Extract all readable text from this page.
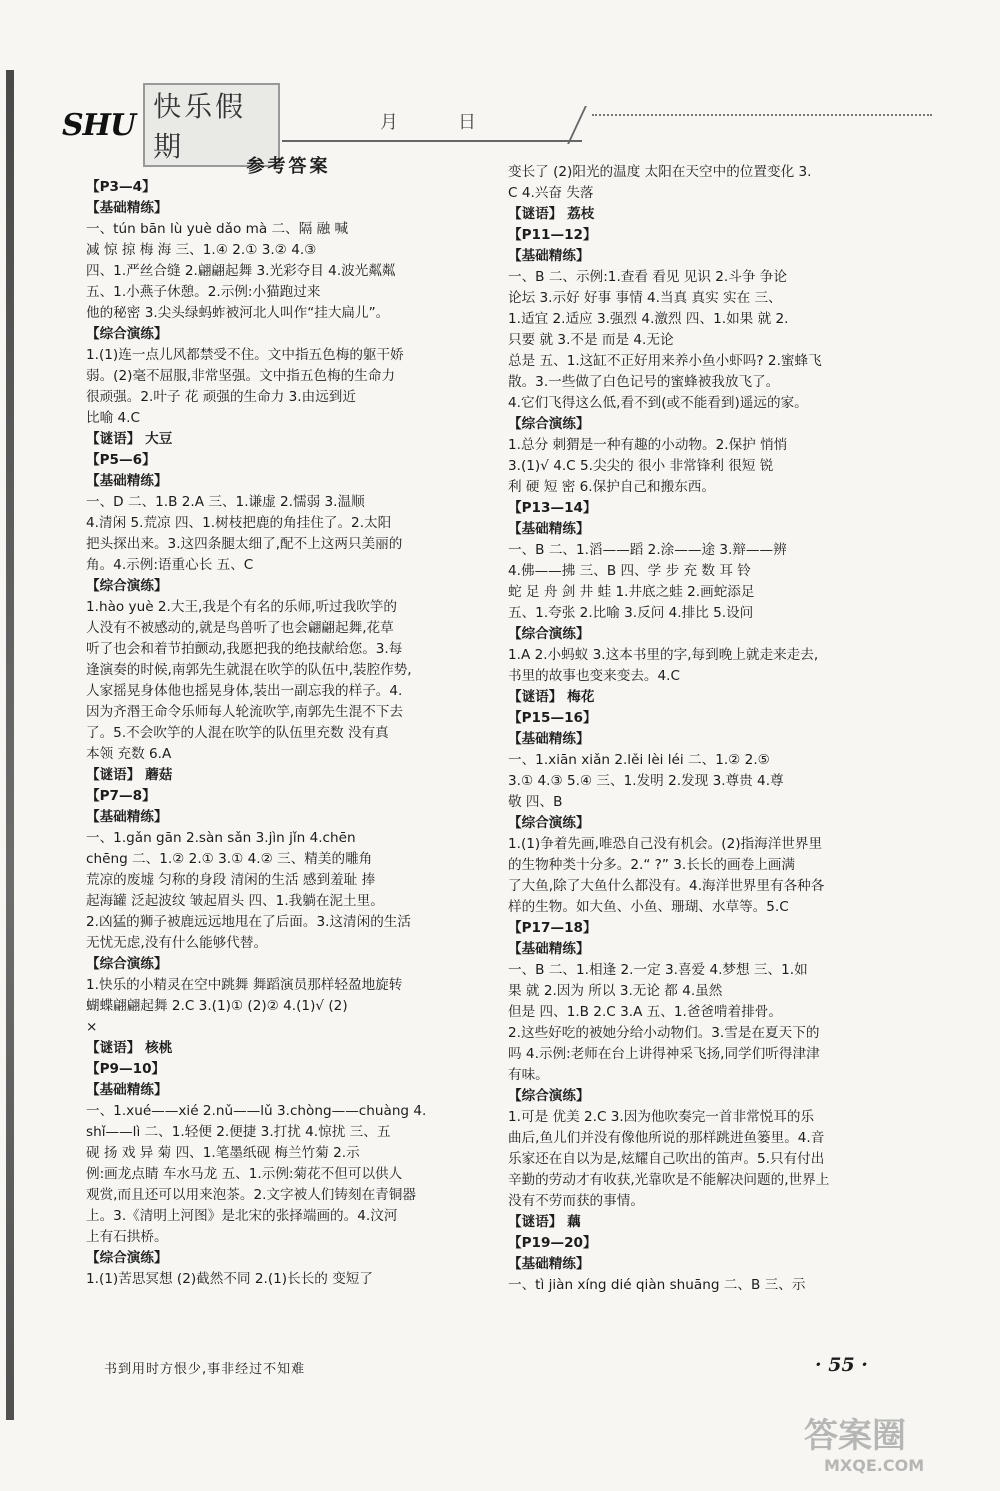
SHU
快乐假期
月	日

参考答案

【P3—4】

【基础精练】

一、tún bān lù yuè dǎo mà 二、隔 融 喊

减 惊 掠 梅 海 三、1.④ 2.① 3.② 4.③

四、1.严丝合缝 2.翩翩起舞 3.光彩夺目 4.波光粼粼

五、1.小燕子休憩。2.示例:小猫跑过来

他的秘密 3.尖头绿蚂蚱被河北人叫作“挂大扁儿”。

【综合演练】

1.(1)连一点儿风都禁受不住。文中指五色梅的躯干娇

弱。(2)毫不屈服,非常坚强。文中指五色梅的生命力

很顽强。2.叶子 花 顽强的生命力 3.由远到近

比喻 4.C

【谜语】 大豆

【P5—6】

【基础精练】

一、D 二、1.B 2.A 三、1.谦虚 2.懦弱 3.温顺

4.清闲 5.荒凉 四、1.树枝把鹿的角挂住了。2.太阳

把头探出来。3.这四条腿太细了,配不上这两只美丽的

角。4.示例:语重心长 五、C

【综合演练】

1.hào yuè 2.大王,我是个有名的乐师,听过我吹竽的

人没有不被感动的,就是鸟兽听了也会翩翩起舞,花草

听了也会和着节拍颤动,我愿把我的绝技献给您。3.每

逢演奏的时候,南郭先生就混在吹竽的队伍中,装腔作势,

人家摇晃身体他也摇晃身体,装出一副忘我的样子。4.

因为齐湣王命令乐师每人轮流吹竽,南郭先生混不下去

了。5.不会吹竽的人混在吹竽的队伍里充数 没有真

本领 充数 6.A

【谜语】 蘑菇

【P7—8】

【基础精练】

一、1.gǎn gān 2.sàn sǎn 3.jìn jǐn 4.chēn

chēng 二、1.② 2.① 3.① 4.② 三、精美的雕角

荒凉的废墟 匀称的身段 清闲的生活 感到羞耻 捧

起海罐 泛起波纹 皱起眉头 四、1.我躺在泥土里。

2.凶猛的狮子被鹿远远地甩在了后面。3.这清闲的生活

无忧无虑,没有什么能够代替。

【综合演练】

1.快乐的小精灵在空中跳舞 舞蹈演员那样轻盈地旋转

蝴蝶翩翩起舞 2.C 3.(1)① (2)② 4.(1)√ (2)

×

【谜语】 核桃

【P9—10】

【基础精练】

一、1.xué——xié 2.nǔ——lǔ 3.chòng——chuàng 4.

shǐ——lì 二、1.轻便 2.便捷 3.打扰 4.惊扰 三、五

砚 扬 戏 异 菊 四、1.笔墨纸砚 梅兰竹菊 2.示

例:画龙点睛 车水马龙 五、1.示例:菊花不但可以供人

观赏,而且还可以用来泡茶。2.文字被人们铸刻在青铜器

上。3.《清明上河图》是北宋的张择端画的。4.汶河

上有石拱桥。

【综合演练】

1.(1)苦思冥想 (2)截然不同 2.(1)长长的 变短了

变长了 (2)阳光的温度 太阳在天空中的位置变化 3.

C 4.兴奋 失落

【谜语】 荔枝

【P11—12】

【基础精练】

一、B 二、示例:1.查看 看见 见识 2.斗争 争论

论坛 3.示好 好事 事情 4.当真 真实 实在 三、

1.适宜 2.适应 3.强烈 4.激烈 四、1.如果 就 2.

只要 就 3.不是 而是 4.无论

总是 五、1.这缸不正好用来养小鱼小虾吗? 2.蜜蜂飞

散。3.一些做了白色记号的蜜蜂被我放飞了。

4.它们飞得这么低,看不到(或不能看到)遥远的家。

【综合演练】

1.总分 刺猬是一种有趣的小动物。2.保护 悄悄

3.(1)√ 4.C 5.尖尖的 很小 非常锋利 很短 锐

利 硬 短 密 6.保护自己和搬东西。

【P13—14】

【基础精练】

一、B 二、1.滔——蹈 2.涂——途 3.辩——辨

4.佛——拂 三、B 四、学 步 充 数 耳 铃

蛇 足 舟 剑 井 蛙 1.井底之蛙 2.画蛇添足

五、1.夸张 2.比喻 3.反问 4.排比 5.设问

【综合演练】

1.A 2.小蚂蚁 3.这本书里的字,每到晚上就走来走去,

书里的故事也变来变去。4.C

【谜语】 梅花

【P15—16】

【基础精练】

一、1.xiān xiǎn 2.lěi lèi léi 二、1.② 2.⑤

3.① 4.③ 5.④ 三、1.发明 2.发现 3.尊贵 4.尊

敬 四、B

【综合演练】

1.(1)争着先画,唯恐自己没有机会。(2)指海洋世界里

的生物种类十分多。2.“ ?” 3.长长的画卷上画满

了大鱼,除了大鱼什么都没有。4.海洋世界里有各种各

样的生物。如大鱼、小鱼、珊瑚、水草等。5.C

【P17—18】

【基础精练】

一、B 二、1.相逢 2.一定 3.喜爱 4.梦想 三、1.如

果 就 2.因为 所以 3.无论 都 4.虽然

但是 四、1.B 2.C 3.A 五、1.爸爸啃着排骨。

2.这些好吃的被她分给小动物们。3.雪是在夏天下的

吗 4.示例:老师在台上讲得神采飞扬,同学们听得津津

有味。

【综合演练】

1.可是 优美 2.C 3.因为他吹奏完一首非常悦耳的乐

曲后,鱼儿们并没有像他所说的那样跳进鱼篓里。4.音

乐家还在自以为是,炫耀自己吹出的笛声。5.只有付出

辛勤的劳动才有收获,光靠吹是不能解决问题的,世界上

没有不劳而获的事情。

【谜语】 藕

【P19—20】

【基础精练】

一、tì jiàn xíng dié qiàn shuāng 二、B 三、示

书到用时方恨少,事非经过不知难	· 55 ·
答案圈
MXQE.COM
